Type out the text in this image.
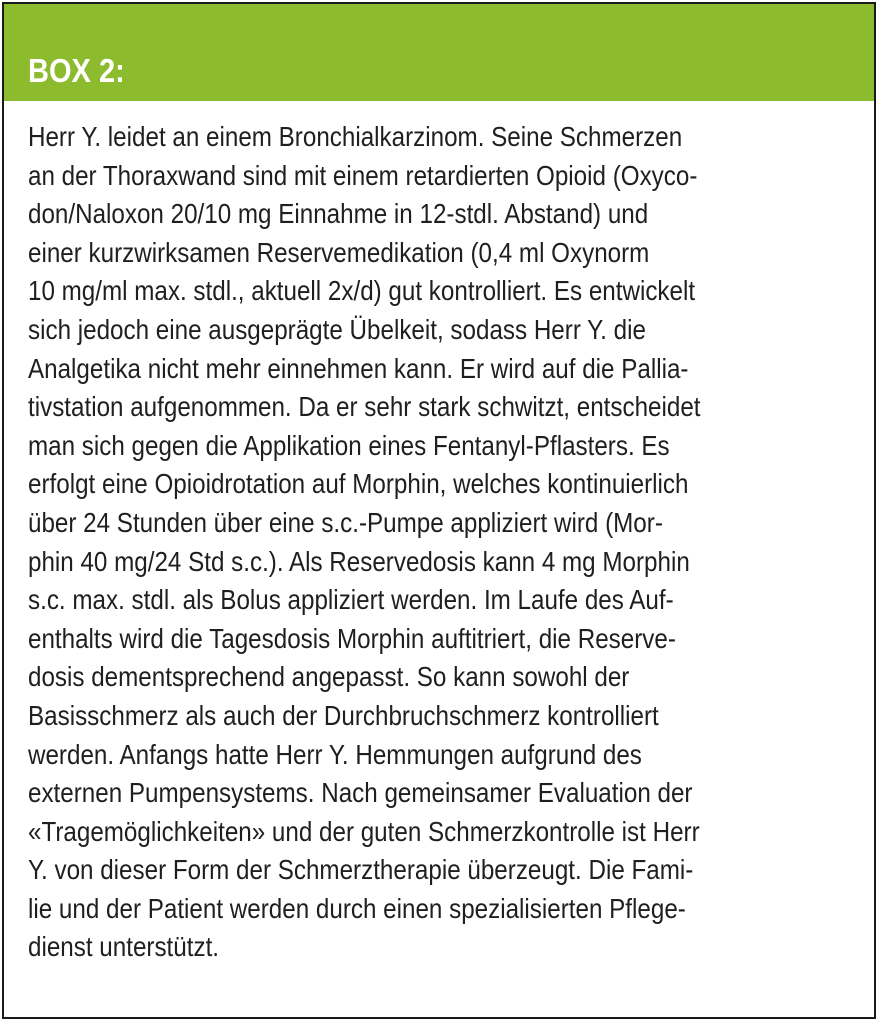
BOX 2:
Herr Y. leidet an einem Bronchialkarzinom. Seine Schmerzen
an der Thoraxwand sind mit einem retardierten Opioid (Oxyco-
don/Naloxon 20/10 mg Einnahme in 12-stdl. Abstand) und
einer kurzwirksamen Reservemedikation (0,4 ml Oxynorm
10 mg/ml max. stdl., aktuell 2x/d) gut kontrolliert. Es entwickelt
sich jedoch eine ausgeprägte Übelkeit, sodass Herr Y. die
Analgetika nicht mehr einnehmen kann. Er wird auf die Pallia-
tivstation aufgenommen. Da er sehr stark schwitzt, entscheidet
man sich gegen die Applikation eines Fentanyl-Pflasters. Es
erfolgt eine Opioidrotation auf Morphin, welches kontinuierlich
über 24 Stunden über eine s.c.-Pumpe appliziert wird (Mor-
phin 40 mg/24 Std s.c.). Als Reservedosis kann 4 mg Morphin
s.c. max. stdl. als Bolus appliziert werden. Im Laufe des Auf-
enthalts wird die Tagesdosis Morphin auftitriert, die Reserve-
dosis dementsprechend angepasst. So kann sowohl der
Basisschmerz als auch der Durchbruchschmerz kontrolliert
werden. Anfangs hatte Herr Y. Hemmungen aufgrund des
externen Pumpensystems. Nach gemeinsamer Evaluation der
«Tragemöglichkeiten» und der guten Schmerzkontrolle ist Herr
Y. von dieser Form der Schmerztherapie überzeugt. Die Fami-
lie und der Patient werden durch einen spezialisierten Pflege-
dienst unterstützt.
